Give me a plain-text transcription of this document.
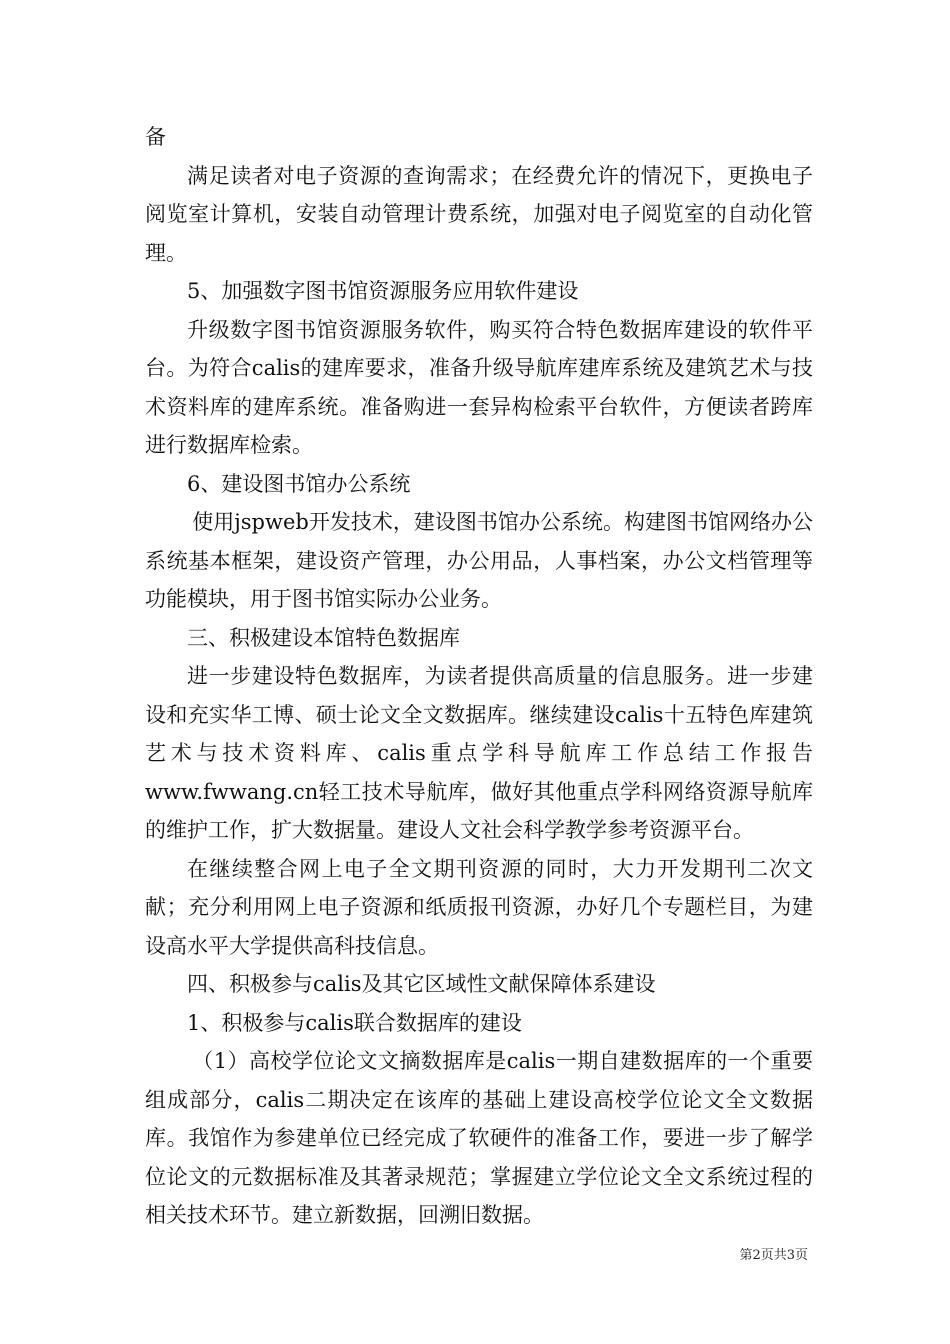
备

满足读者对电子资源的查询需求；在经费允许的情况下，更换电子阅览室计算机，安装自动管理计费系统，加强对电子阅览室的自动化管理。

5、加强数字图书馆资源服务应用软件建设

升级数字图书馆资源服务软件，购买符合特色数据库建设的软件平台。为符合calis的建库要求，准备升级导航库建库系统及建筑艺术与技术资料库的建库系统。准备购进一套异构检索平台软件，方便读者跨库进行数据库检索。

6、建设图书馆办公系统

使用jspweb开发技术，建设图书馆办公系统。构建图书馆网络办公系统基本框架，建设资产管理，办公用品，人事档案，办公文档管理等功能模块，用于图书馆实际办公业务。

三、积极建设本馆特色数据库

进一步建设特色数据库，为读者提供高质量的信息服务。进一步建设和充实华工博、硕士论文全文数据库。继续建设calis十五特色库建筑艺术与技术资料库、calis重点学科导航库工作总结工作报告www.fwwang.cn轻工技术导航库，做好其他重点学科网络资源导航库的维护工作，扩大数据量。建设人文社会科学教学参考资源平台。

在继续整合网上电子全文期刊资源的同时，大力开发期刊二次文献；充分利用网上电子资源和纸质报刊资源，办好几个专题栏目，为建设高水平大学提供高科技信息。

四、积极参与calis及其它区域性文献保障体系建设

1、积极参与calis联合数据库的建设

（1）高校学位论文文摘数据库是calis一期自建数据库的一个重要组成部分，calis二期决定在该库的基础上建设高校学位论文全文数据库。我馆作为参建单位已经完成了软硬件的准备工作，要进一步了解学位论文的元数据标准及其著录规范；掌握建立学位论文全文系统过程的相关技术环节。建立新数据，回溯旧数据。

第2页共3页
